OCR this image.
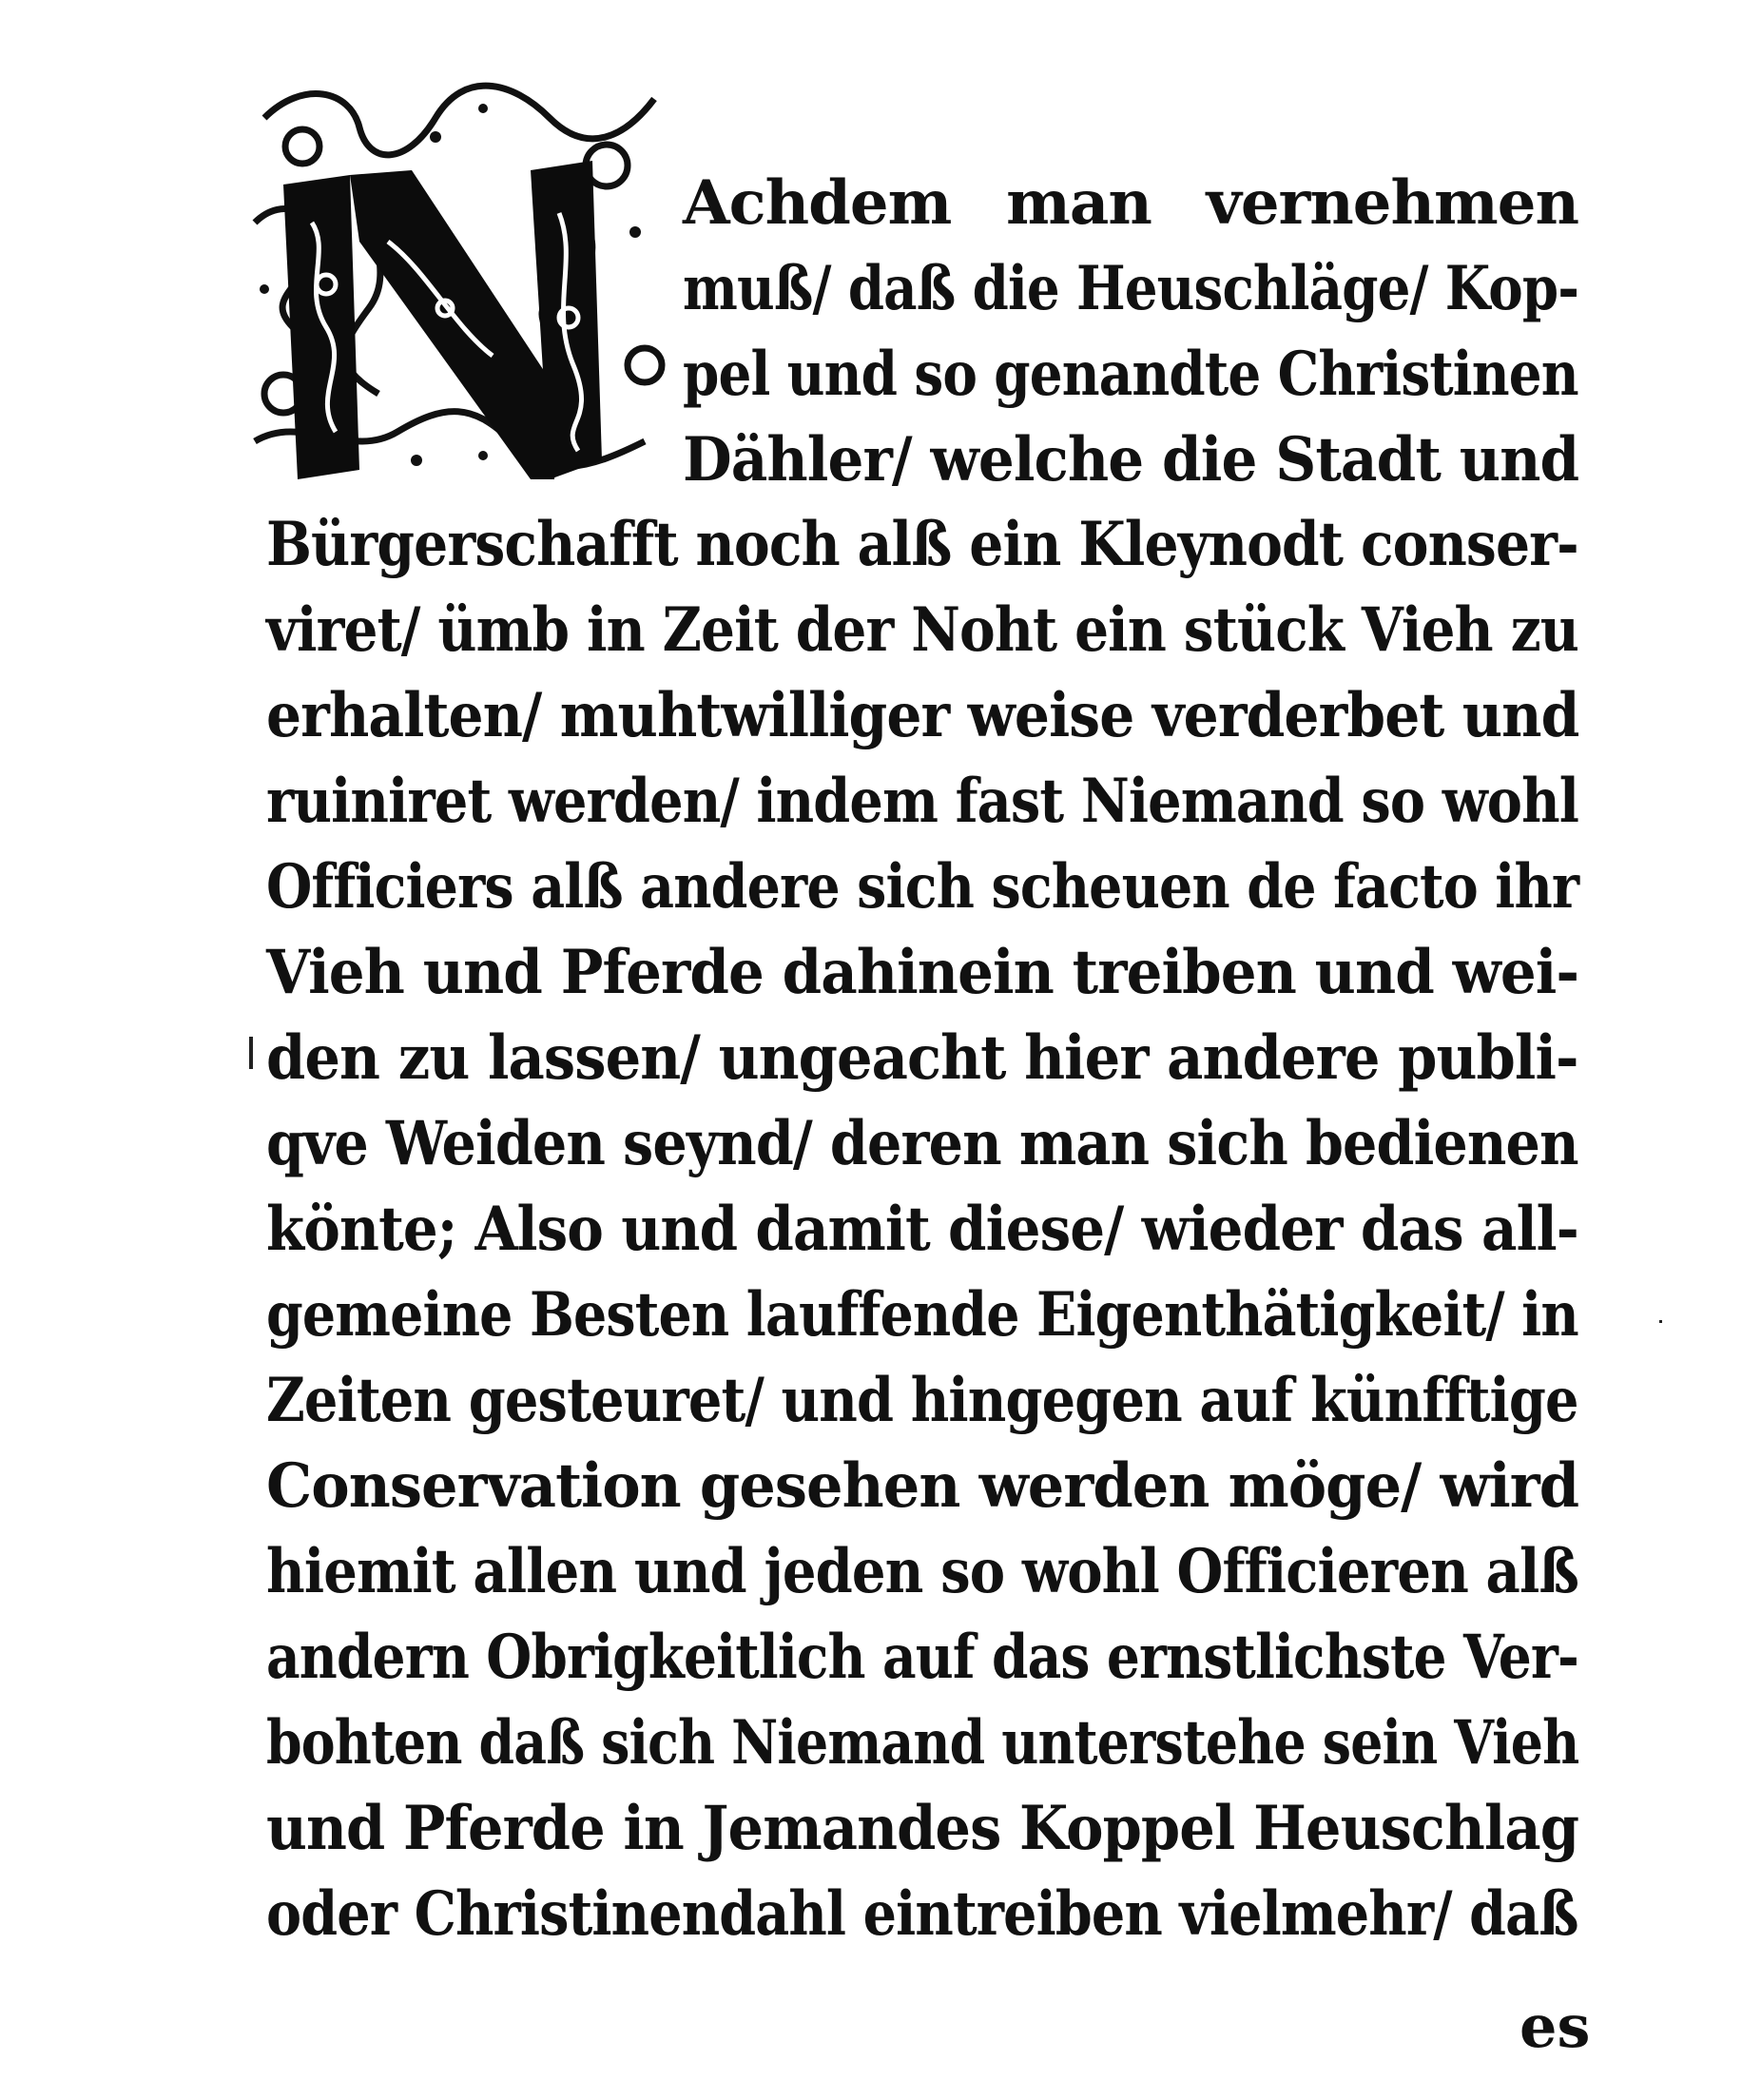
Achdem man vernehmen
muß/ daß die Heuschläge/ Kop-
pel und so genandte Christinen
Dähler/ welche die Stadt und
Bürgerschafft noch alß ein Kleynodt conser-
viret/ ümb in Zeit der Noht ein stück Vieh zu
erhalten/ muhtwilliger weise verderbet und
ruiniret werden/ indem fast Niemand so wohl
Officiers alß andere sich scheuen de facto ihr
Vieh und Pferde dahinein treiben und wei-
den zu lassen/ ungeacht hier andere publi-
qve Weiden seynd/ deren man sich bedienen
könte; Also und damit diese/ wieder das all-
gemeine Besten lauffende Eigenthätigkeit/ in
Zeiten gesteuret/ und hingegen auf künfftige
Conservation gesehen werden möge/ wird
hiemit allen und jeden so wohl Officieren alß
andern Obrigkeitlich auf das ernstlichste Ver-
bohten daß sich Niemand unterstehe sein Vieh
und Pferde in Jemandes Koppel Heuschlag
oder Christinendahl eintreiben vielmehr/ daß
es
